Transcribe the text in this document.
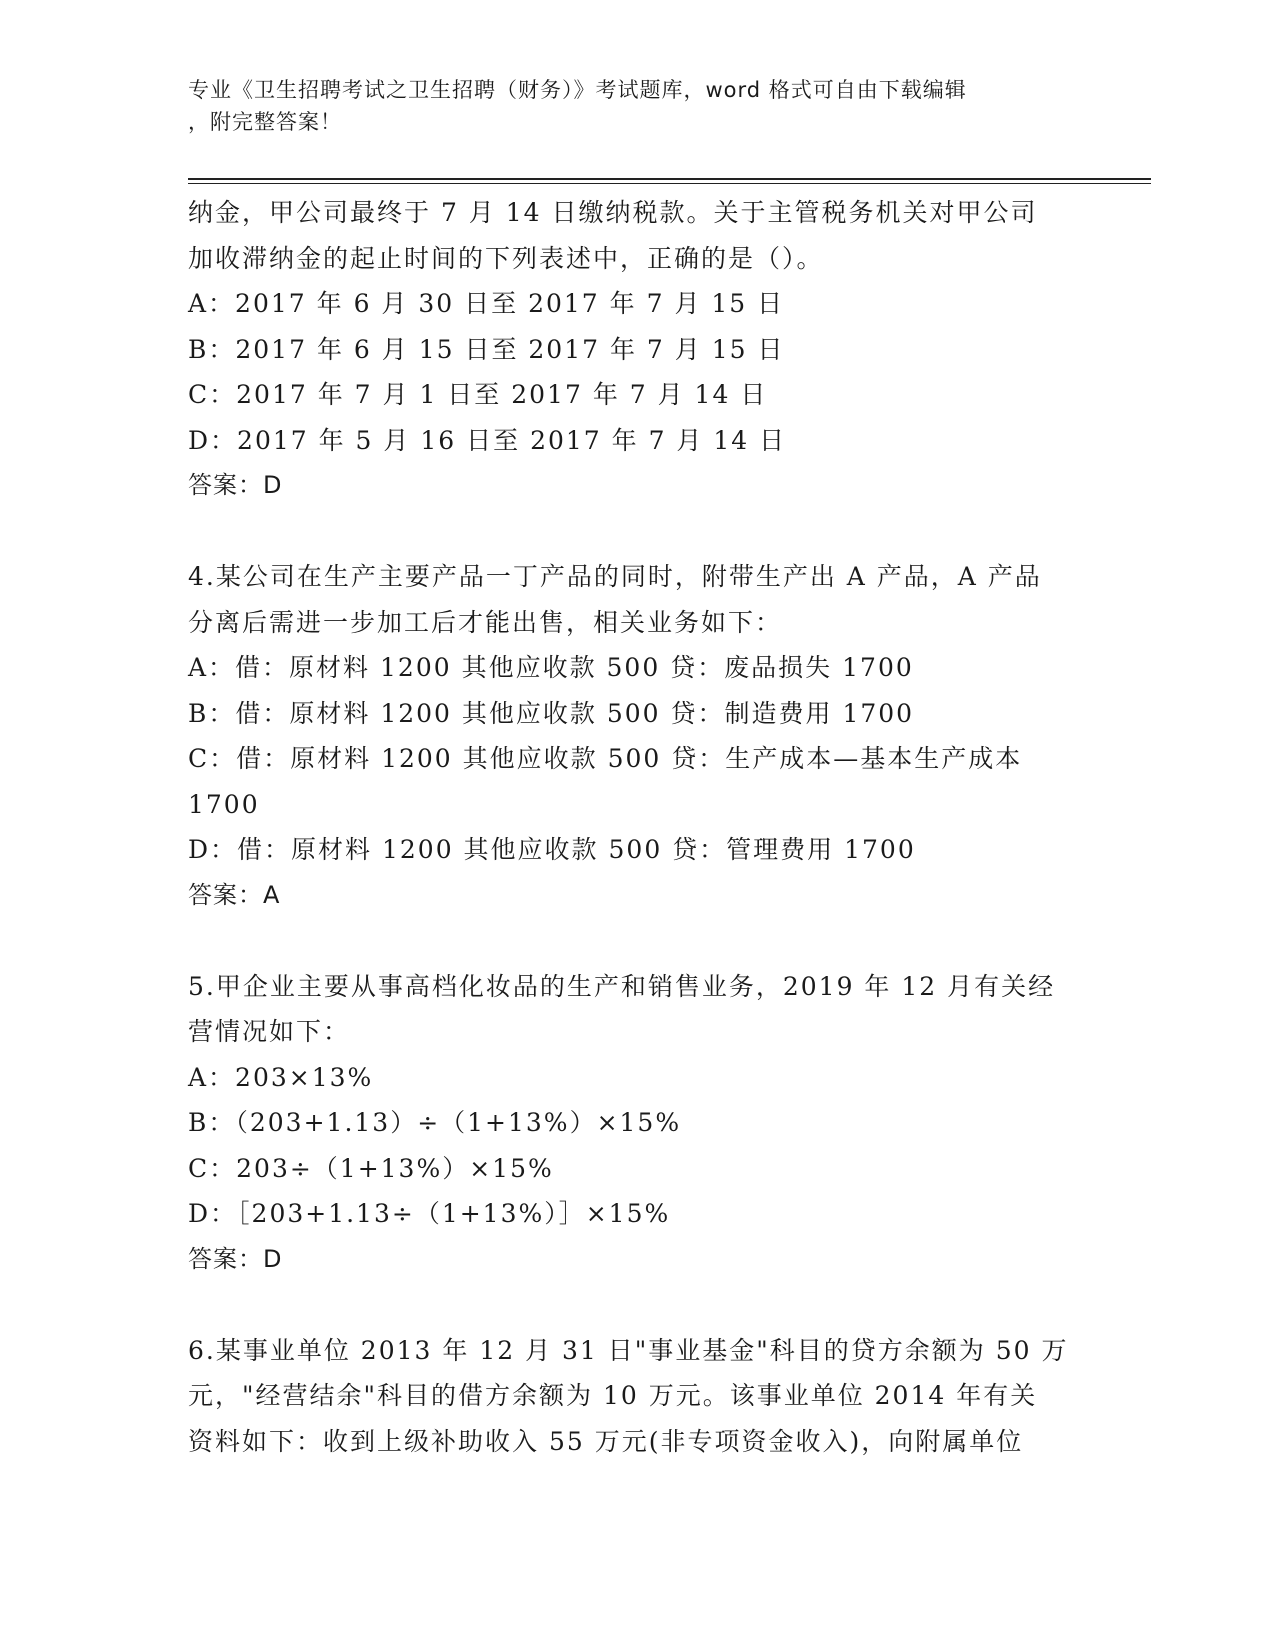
专业《卫生招聘考试之卫生招聘（财务）》考试题库，word 格式可自由下载编辑
，附完整答案！
纳金，甲公司最终于 7 月 14 日缴纳税款。关于主管税务机关对甲公司
加收滞纳金的起止时间的下列表述中，正确的是（）。
A：2017 年 6 月 30 日至 2017 年 7 月 15 日
B：2017 年 6 月 15 日至 2017 年 7 月 15 日
C：2017 年 7 月 1 日至 2017 年 7 月 14 日
D：2017 年 5 月 16 日至 2017 年 7 月 14 日
答案：D
4.某公司在生产主要产品一丁产品的同时，附带生产出 A 产品，A 产品
分离后需进一步加工后才能出售，相关业务如下：
A：借：原材料 1200 其他应收款 500 贷：废品损失 1700
B：借：原材料 1200 其他应收款 500 贷：制造费用 1700
C：借：原材料 1200 其他应收款 500 贷：生产成本—基本生产成本
1700
D：借：原材料 1200 其他应收款 500 贷：管理费用 1700
答案：A
5.甲企业主要从事高档化妆品的生产和销售业务，2019 年 12 月有关经
营情况如下：
A：203×13%
B：（203+1.13）÷（1+13%）×15%
C：203÷（1+13%）×15%
D：［203+1.13÷（1+13%）］×15%
答案：D
6.某事业单位 2013 年 12 月 31 日"事业基金"科目的贷方余额为 50 万
元，"经营结余"科目的借方余额为 10 万元。该事业单位 2014 年有关
资料如下：收到上级补助收入 55 万元(非专项资金收入)，向附属单位
